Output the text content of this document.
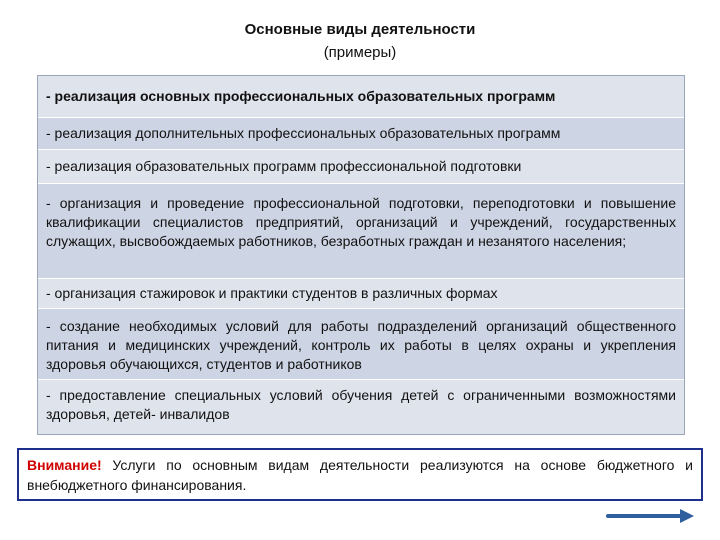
Основные виды деятельности
(примеры)
- реализация основных профессиональных образовательных программ
- реализация дополнительных профессиональных образовательных программ
- реализация образовательных программ профессиональной подготовки
- организация и проведение профессиональной подготовки, переподготовки и повышение квалификации специалистов предприятий, организаций и учреждений, государственных служащих, высвобождаемых работников, безработных граждан и незанятого населения;
- организация стажировок и практики студентов в различных формах
- создание необходимых условий для работы подразделений организаций общественного питания и медицинских учреждений, контроль их работы в целях охраны и укрепления здоровья обучающихся, студентов и работников
- предоставление специальных условий обучения детей с ограниченными возможностями здоровья, детей- инвалидов
Внимание! Услуги по основным видам деятельности реализуются на основе бюджетного и внебюджетного финансирования.
